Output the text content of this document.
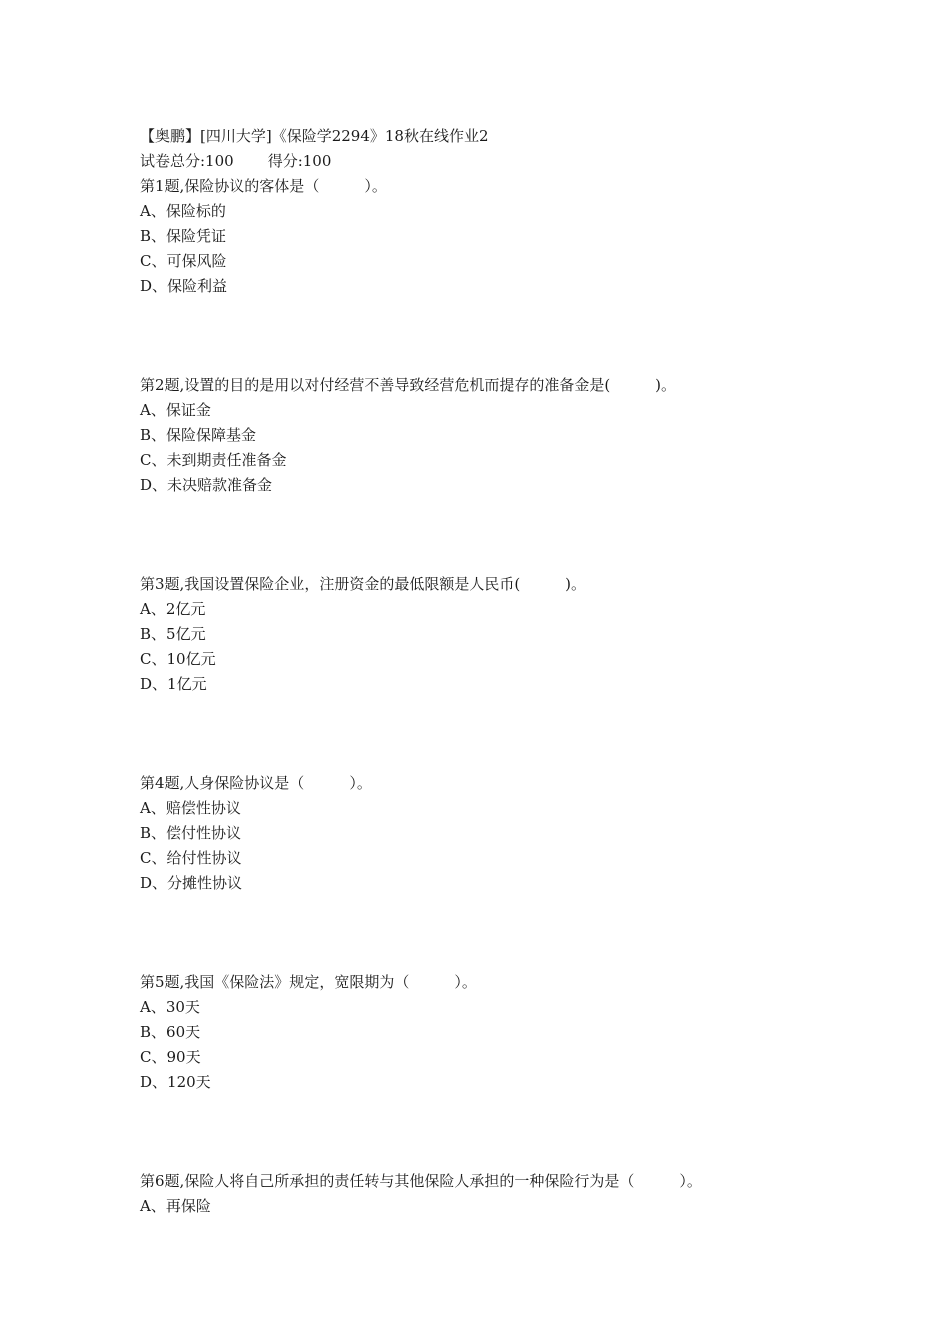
【奥鹏】[四川大学]《保险学2294》18秋在线作业2
试卷总分:100 得分:100
第1题,保险协议的客体是（　　　）。
A、保险标的
B、保险凭证
C、可保风险
D、保险利益
第2题,设置的目的是用以对付经营不善导致经营危机而提存的准备金是(　　　)。
A、保证金
B、保险保障基金
C、未到期责任准备金
D、未决赔款准备金
第3题,我国设置保险企业，注册资金的最低限额是人民币(　　　)。
A、2亿元
B、5亿元
C、10亿元
D、1亿元
第4题,人身保险协议是（　　　）。
A、赔偿性协议
B、偿付性协议
C、给付性协议
D、分摊性协议
第5题,我国《保险法》规定，宽限期为（　　　）。
A、30天
B、60天
C、90天
D、120天
第6题,保险人将自己所承担的责任转与其他保险人承担的一种保险行为是（　　　）。
A、再保险
